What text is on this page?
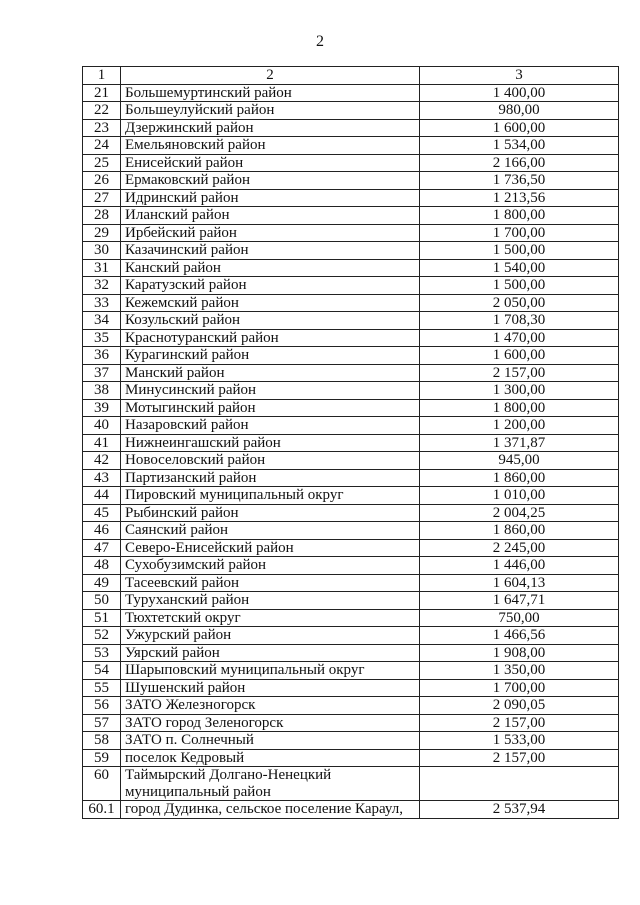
2
1	2	3
21	Большемуртинский район	1 400,00
22	Большеулуйский район	980,00
23	Дзержинский район	1 600,00
24	Емельяновский район	1 534,00
25	Енисейский район	2 166,00
26	Ермаковский район	1 736,50
27	Идринский район	1 213,56
28	Иланский район	1 800,00
29	Ирбейский район	1 700,00
30	Казачинский район	1 500,00
31	Канский район	1 540,00
32	Каратузский район	1 500,00
33	Кежемский район	2 050,00
34	Козульский район	1 708,30
35	Краснотуранский район	1 470,00
36	Курагинский район	1 600,00
37	Манский район	2 157,00
38	Минусинский район	1 300,00
39	Мотыгинский район	1 800,00
40	Назаровский район	1 200,00
41	Нижнеингашский район	1 371,87
42	Новоселовский район	945,00
43	Партизанский район	1 860,00
44	Пировский муниципальный округ	1 010,00
45	Рыбинский район	2 004,25
46	Саянский район	1 860,00
47	Северо-Енисейский район	2 245,00
48	Сухобузимский район	1 446,00
49	Тасеевский район	1 604,13
50	Туруханский район	1 647,71
51	Тюхтетский округ	750,00
52	Ужурский район	1 466,56
53	Уярский район	1 908,00
54	Шарыповский муниципальный округ	1 350,00
55	Шушенский район	1 700,00
56	ЗАТО Железногорск	2 090,05
57	ЗАТО город Зеленогорск	2 157,00
58	ЗАТО п. Солнечный	1 533,00
59	поселок Кедровый	2 157,00
60	Таймырский Долгано-Ненецкий муниципальный район	
60.1	город Дудинка, сельское поселение Караул,	2 537,94
